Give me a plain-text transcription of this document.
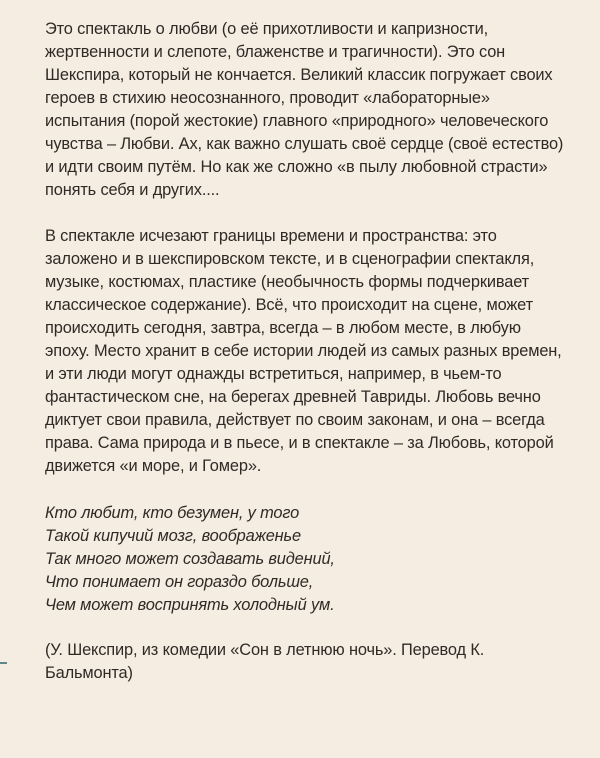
Это спектакль о любви (о её прихотливости и капризности, жертвенности и слепоте, блаженстве и трагичности). Это сон Шекспира, который не кончается. Великий классик погружает своих героев в стихию неосознанного, проводит «лабораторные» испытания (порой жестокие) главного «природного» человеческого чувства – Любви. Ах, как важно слушать своё сердце (своё естество) и идти своим путём. Но как же сложно «в пылу любовной страсти» понять себя и других....

В спектакле исчезают границы времени и пространства: это заложено и в шекспировском тексте, и в сценографии спектакля, музыке, костюмах, пластике (необычность формы подчеркивает классическое содержание). Всё, что происходит на сцене, может происходить сегодня, завтра, всегда – в любом месте, в любую эпоху. Место хранит в себе истории людей из самых разных времен, и эти люди могут однажды встретиться, например, в чьем-то фантастическом сне, на берегах древней Тавриды. Любовь вечно диктует свои правила, действует по своим законам, и она – всегда права. Сама природа и в пьесе, и в спектакле – за Любовь, которой движется «и море, и Гомер».

Кто любит, кто безумен, у того
Такой кипучий мозг, воображенье
Так много может создавать видений,
Что понимает он гораздо больше,
Чем может воспринять холодный ум.

(У. Шекспир, из комедии «Сон в летнюю ночь». Перевод К. Бальмонта)
